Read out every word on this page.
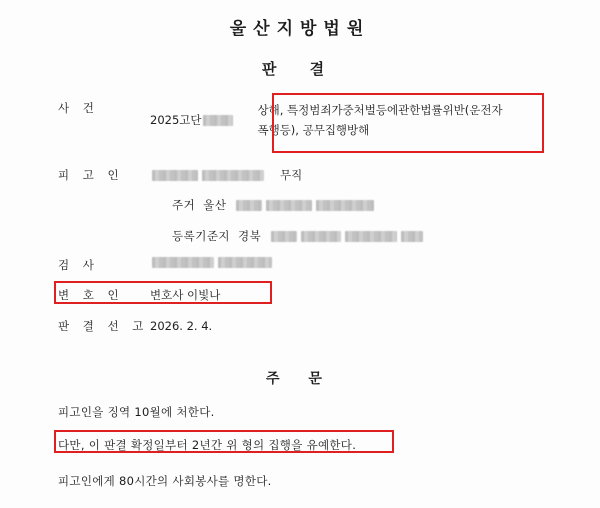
울산지방법원
판 결
사 건
2025고단
상해, 특정범죄가중처벌등에관한법률위반(운전자
폭행등), 공무집행방해
피 고 인	무직
주거 울산
등록기준지 경북
검 사
변 호 인	변호사 이빛나
판 결 선 고 2026. 2. 4.
주 문
피고인을 징역 10월에 처한다.
다만, 이 판결 확정일부터 2년간 위 형의 집행을 유예한다.
피고인에게 80시간의 사회봉사를 명한다.
